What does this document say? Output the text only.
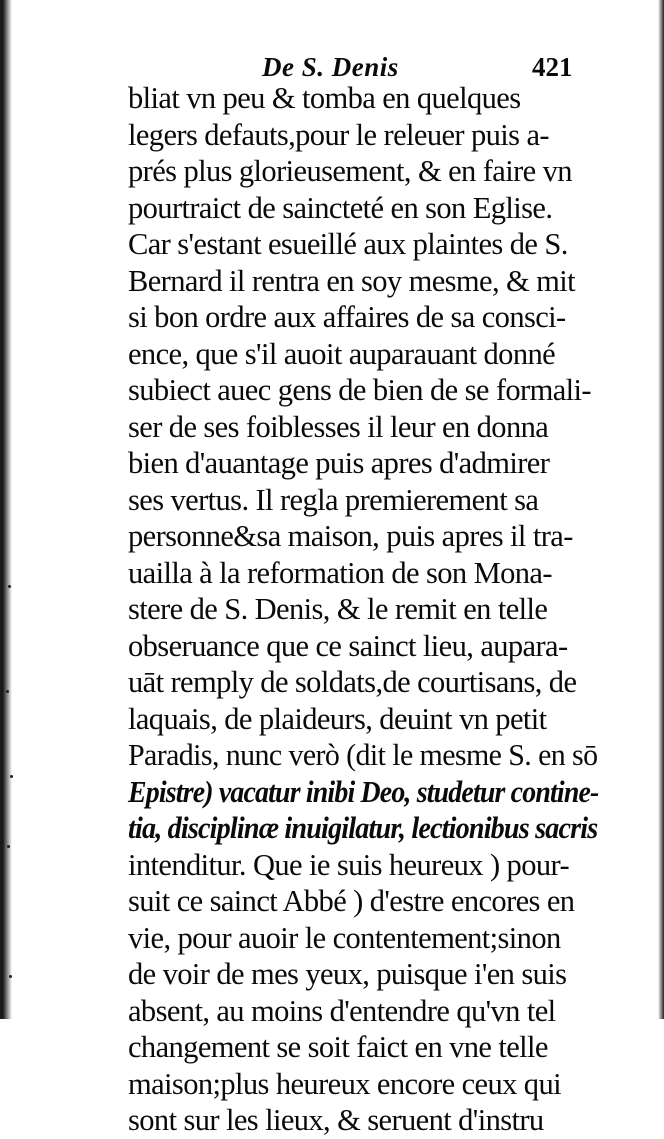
De S. Denis	421
bliat vn peu & tomba en quelques
legers defauts,pour le releuer puis a-
prés plus glorieusement, & en faire vn
pourtraict de saincteté en son Eglise.
Car s'estant esueillé aux plaintes de S.
Bernard il rentra en soy mesme, & mit
si bon ordre aux affaires de sa consci-
ence, que s'il auoit auparauant donné
subiect auec gens de bien de se formali-
ser de ses foiblesses il leur en donna
bien d'auantage puis apres d'admirer
ses vertus. Il regla premierement sa
personne&sa maison, puis apres il tra-
uailla à la reformation de son Mona-
stere de S. Denis, & le remit en telle
obseruance que ce sainct lieu, aupara-
uāt remply de soldats,de courtisans, de
laquais, de plaideurs, deuint vn petit
Paradis, nunc verò (dit le mesme S. en sō
Epistre) vacatur inibi Deo, studetur contine-
tia, disciplinæ inuigilatur, lectionibus sacris
intenditur. Que ie suis heureux ) pour-
suit ce sainct Abbé ) d'estre encores en
vie, pour auoir le contentement;sinon
de voir de mes yeux, puisque i'en suis
absent, au moins d'entendre qu'vn tel
changement se soit faict en vne telle
maison;plus heureux encore ceux qui
sont sur les lieux, & seruent d'instru
